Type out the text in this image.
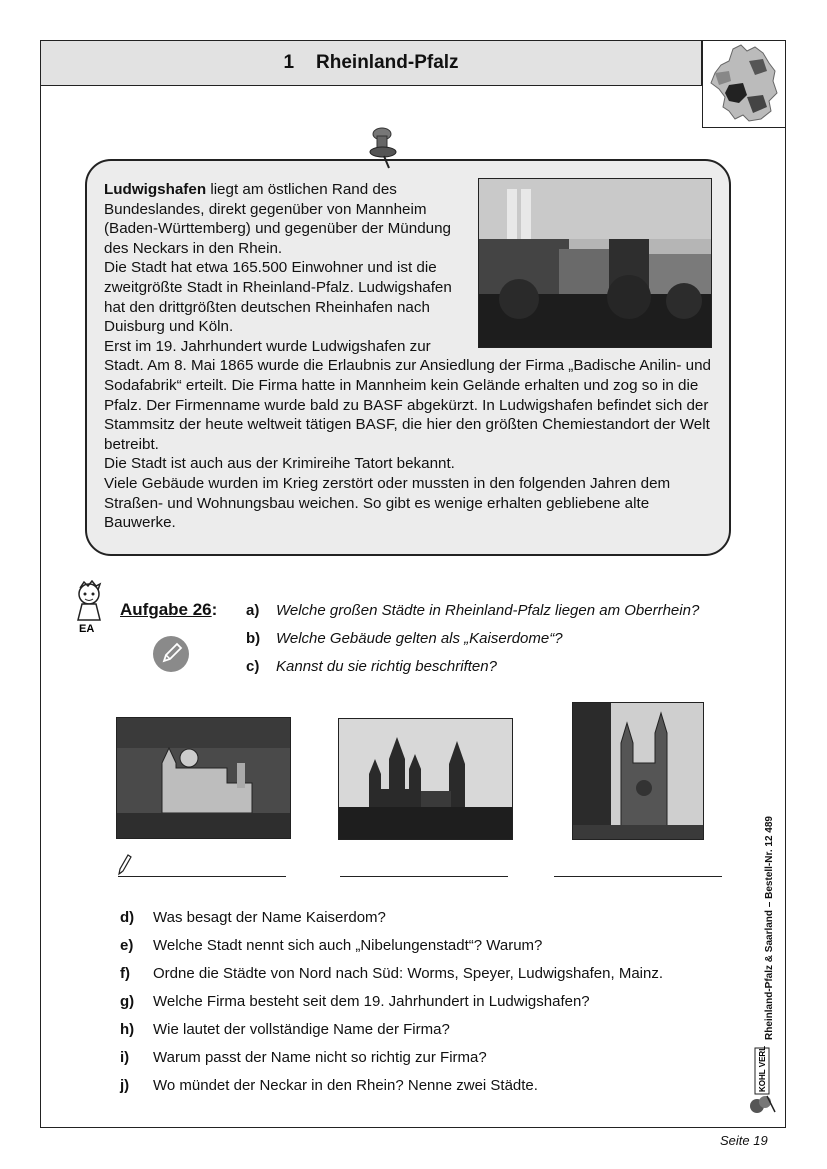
1 Rheinland-Pfalz

Ludwigshafen liegt am östlichen Rand des Bundeslandes, direkt gegenüber von Mannheim (Baden-Württemberg) und gegenüber der Mündung des Neckars in den Rhein.

Die Stadt hat etwa 165.500 Einwohner und ist die zweitgrößte Stadt in Rheinland-Pfalz. Ludwigshafen hat den drittgrößten deutschen Rheinhafen nach Duisburg und Köln.

Erst im 19. Jahrhundert wurde Ludwigshafen zur

Stadt. Am 8. Mai 1865 wurde die Erlaubnis zur Ansiedlung der Firma „Badische Anilin- und Sodafabrik“ erteilt. Die Firma hatte in Mannheim kein Gelände erhalten und zog so in die Pfalz. Der Firmenname wurde bald zu BASF abgekürzt. In Ludwigshafen befindet sich der Stammsitz der heute weltweit tätigen BASF, die hier den größten Chemiestandort der Welt betreibt.

Die Stadt ist auch aus der Krimireihe Tatort bekannt.

Viele Gebäude wurden im Krieg zerstört oder mussten in den folgenden Jahren dem Straßen- und Wohnungsbau weichen. So gibt es wenige erhalten gebliebene alte Bauwerke.

EA
Aufgabe 26: a)	Welche großen Städte in Rheinland-Pfalz liegen am Oberrhein?
b)	Welche Gebäude gelten als „Kaiserdome“?
c)	Kannst du sie richtig beschriften?
d)	Was besagt der Name Kaiserdom?
e)	Welche Stadt nennt sich auch „Nibelungenstadt“? Warum?
f)	Ordne die Städte von Nord nach Süd: Worms, Speyer, Ludwigshafen, Mainz.
g)	Welche Firma besteht seit dem 19. Jahrhundert in Ludwigshafen?
h)	Wie lautet der vollständige Name der Firma?
i)	Warum passt der Name nicht so richtig zur Firma?
j)	Wo mündet der Neckar in den Rhein? Nenne zwei Städte.
Rheinland-Pfalz & Saarland – Bestell-Nr. 12 489
KOHL VERLAG
Seite 19
